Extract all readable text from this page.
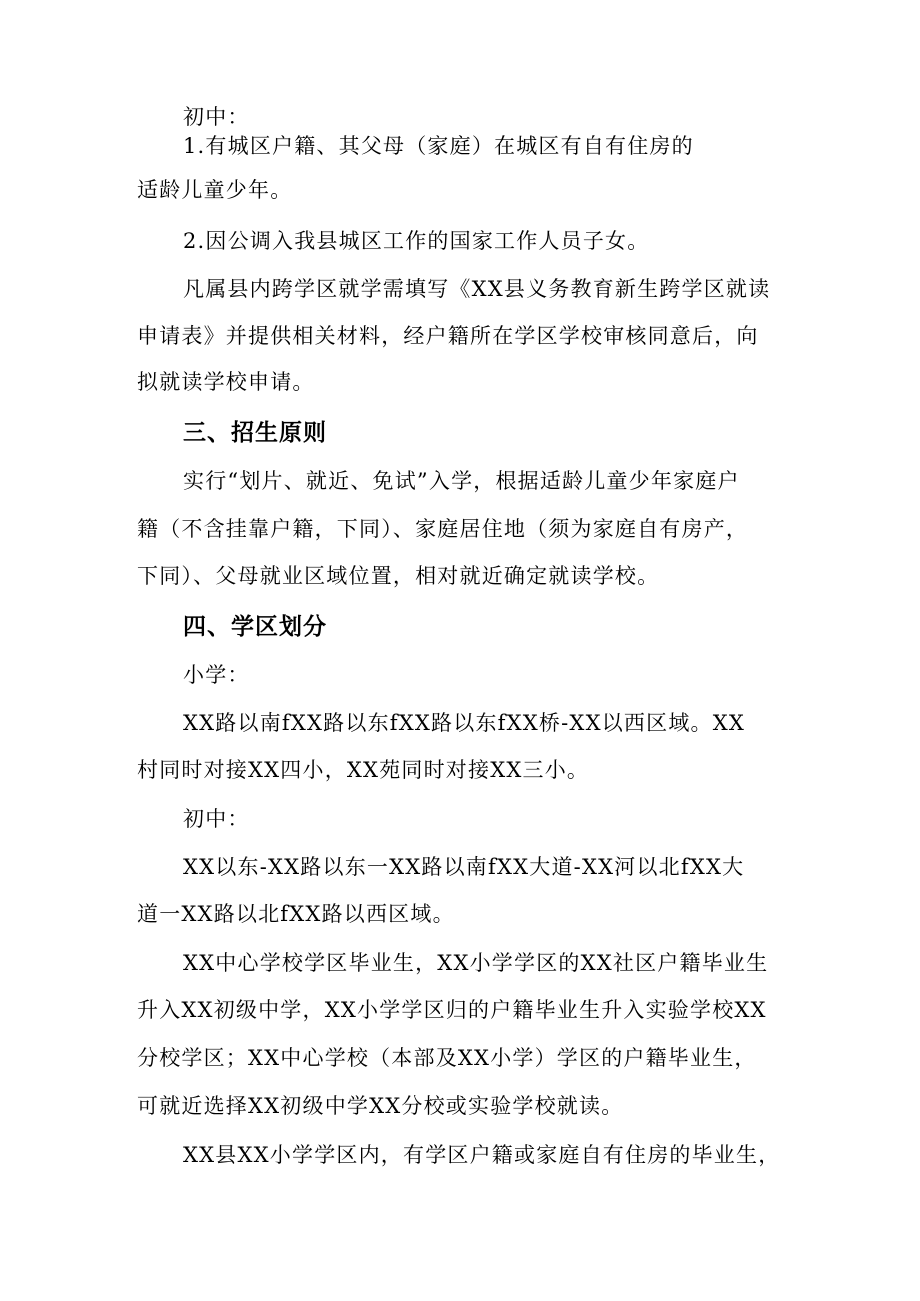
初中：
1.有城区户籍、其父母（家庭）在城区有自有住房的
适龄儿童少年。
2.因公调入我县城区工作的国家工作人员子女。
凡属县内跨学区就学需填写《XX县义务教育新生跨学区就读
申请表》并提供相关材料，经户籍所在学区学校审核同意后，向
拟就读学校申请。
三、招生原则
实行“划片、就近、免试”入学，根据适龄儿童少年家庭户
籍（不含挂靠户籍，下同）、家庭居住地（须为家庭自有房产，
下同）、父母就业区域位置，相对就近确定就读学校。
四、学区划分
小学：
XX路以南fXX路以东fXX路以东fXX桥-XX以西区域。XX
村同时对接XX四小，XX苑同时对接XX三小。
初中：
XX以东-XX路以东一XX路以南fXX大道-XX河以北fXX大
道一XX路以北fXX路以西区域。
XX中心学校学区毕业生，XX小学学区的XX社区户籍毕业生
升入XX初级中学，XX小学学区归的户籍毕业生升入实验学校XX
分校学区；XX中心学校（本部及XX小学）学区的户籍毕业生，
可就近选择XX初级中学XX分校或实验学校就读。
XX县XX小学学区内，有学区户籍或家庭自有住房的毕业生，
